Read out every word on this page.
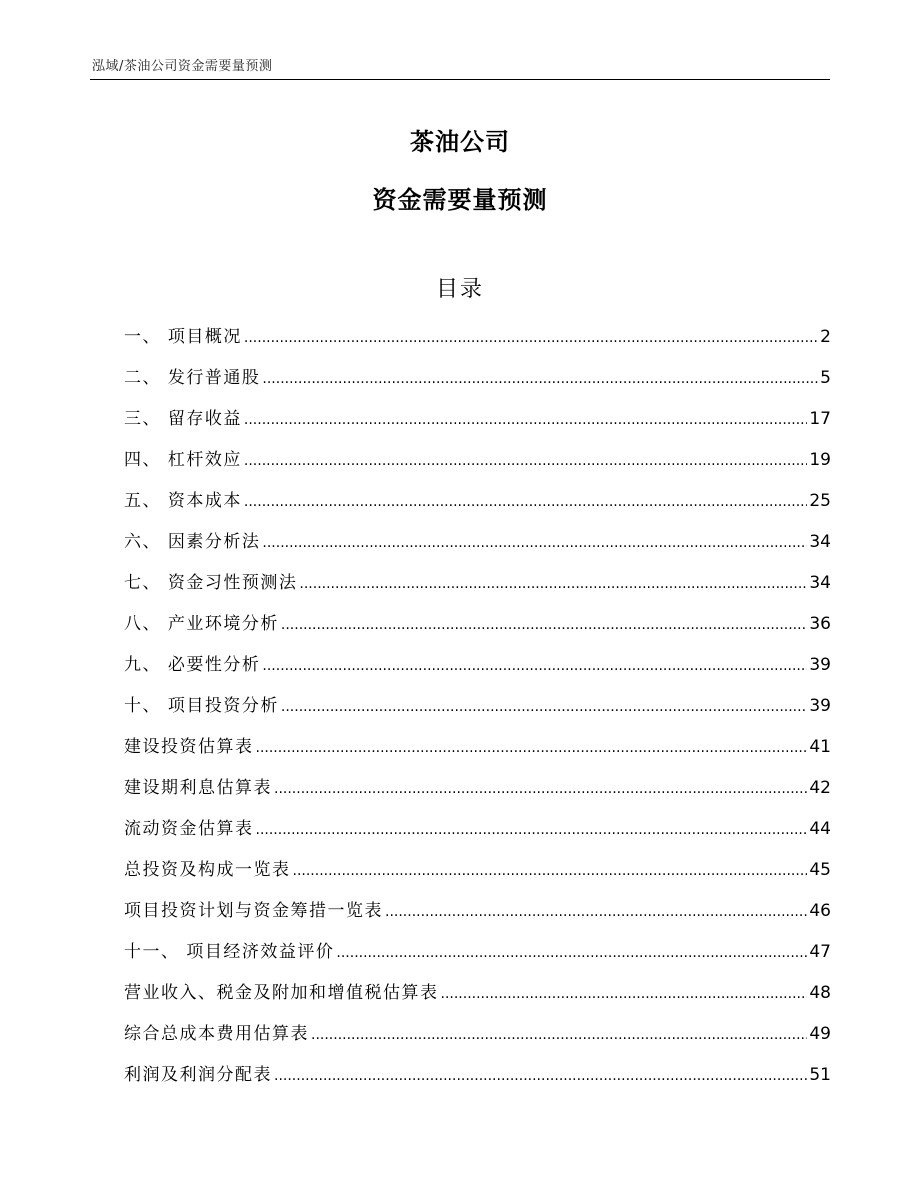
泓域/茶油公司资金需要量预测
茶油公司
资金需要量预测
目录
一、 项目概况 .....	2
二、 发行普通股 .....	5
三、 留存收益 .....	17
四、 杠杆效应 .....	19
五、 资本成本 .....	25
六、 因素分析法 .....	34
七、 资金习性预测法 .....	34
八、 产业环境分析 .....	36
九、 必要性分析 .....	39
十、 项目投资分析 .....	39
建设投资估算表 .....	41
建设期利息估算表 .....	42
流动资金估算表 .....	44
总投资及构成一览表 .....	45
项目投资计划与资金筹措一览表 .....	46
十一、 项目经济效益评价 .....	47
营业收入、税金及附加和增值税估算表 .....	48
综合总成本费用估算表 .....	49
利润及利润分配表 .....	51
